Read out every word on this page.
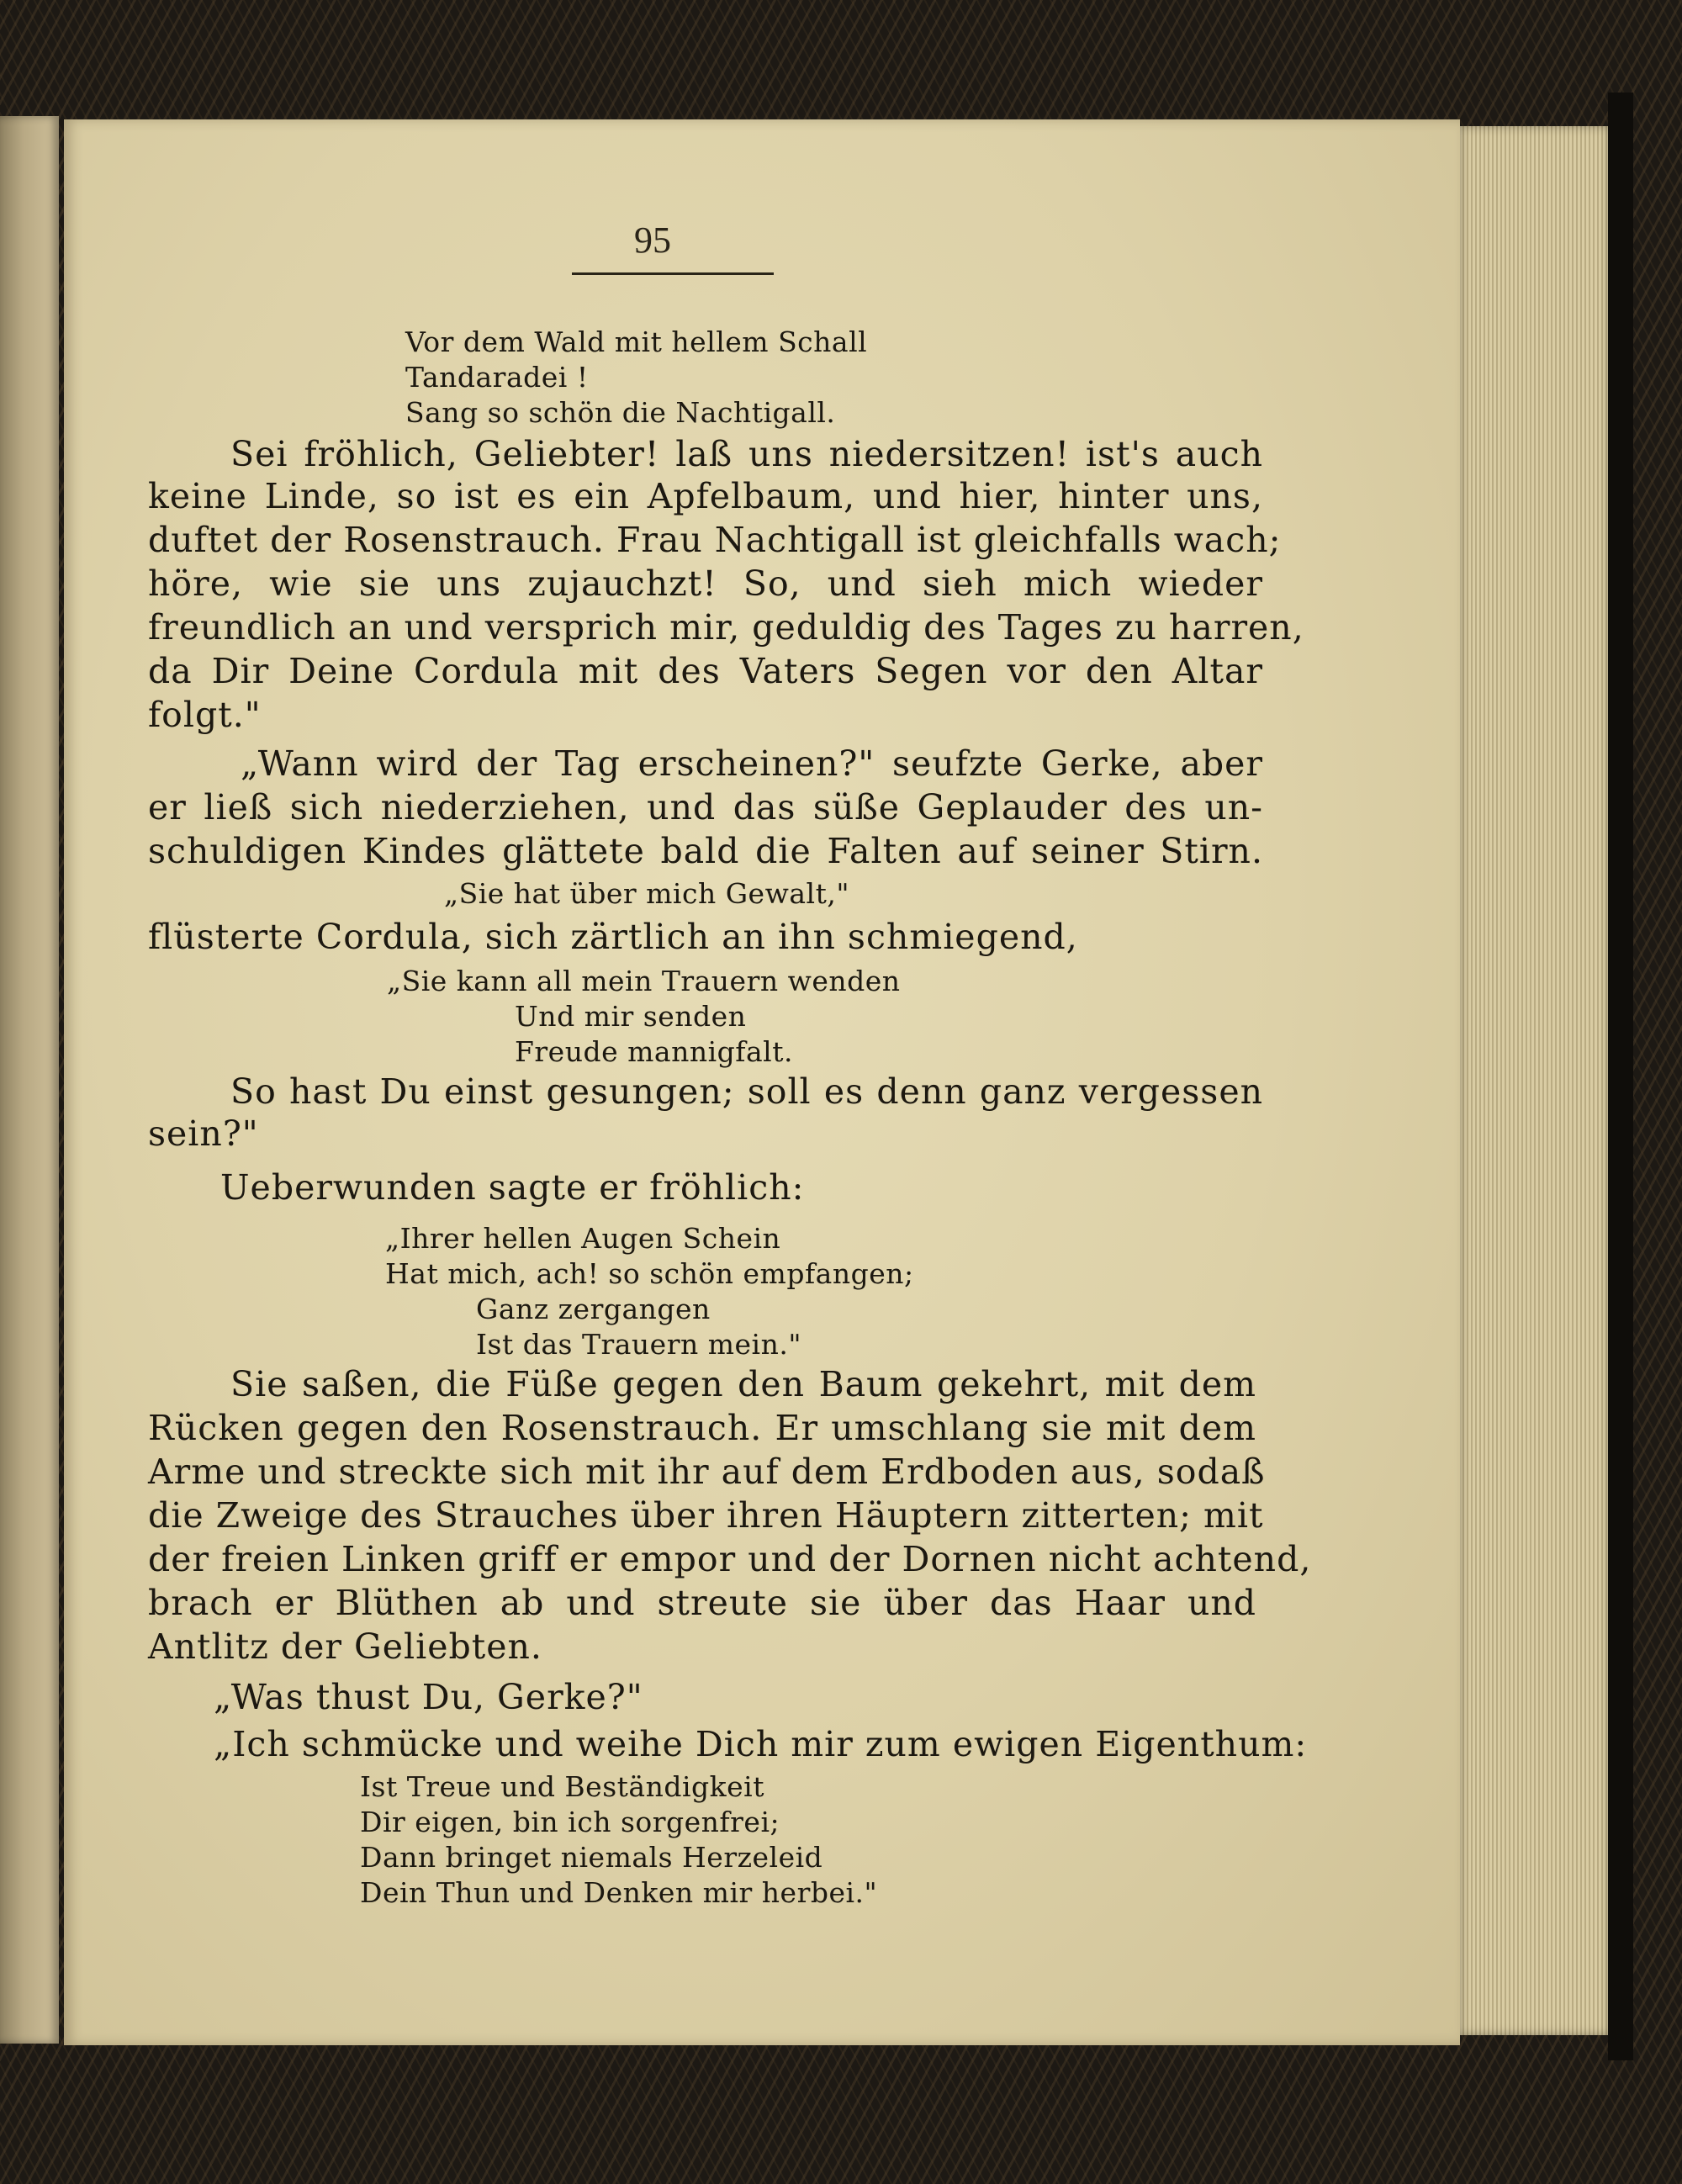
95
Vor dem Wald mit hellem Schall
Tandaradei !
Sang so schön die Nachtigall.
Sei fröhlich, Geliebter! laß uns niedersitzen! ist's auch
keine Linde, so ist es ein Apfelbaum, und hier, hinter uns,
duftet der Rosenstrauch. Frau Nachtigall ist gleichfalls wach;
höre, wie sie uns zujauchzt! So, und sieh mich wieder
freundlich an und versprich mir, geduldig des Tages zu harren,
da Dir Deine Cordula mit des Vaters Segen vor den Altar
folgt."
„Wann wird der Tag erscheinen?" seufzte Gerke, aber
er ließ sich niederziehen, und das süße Geplauder des un-
schuldigen Kindes glättete bald die Falten auf seiner Stirn.
„Sie hat über mich Gewalt,"
flüsterte Cordula, sich zärtlich an ihn schmiegend,
„Sie kann all mein Trauern wenden
Und mir senden
Freude mannigfalt.
So hast Du einst gesungen; soll es denn ganz vergessen
sein?"
Ueberwunden sagte er fröhlich:
„Ihrer hellen Augen Schein
Hat mich, ach! so schön empfangen;
Ganz zergangen
Ist das Trauern mein."
Sie saßen, die Füße gegen den Baum gekehrt, mit dem
Rücken gegen den Rosenstrauch. Er umschlang sie mit dem
Arme und streckte sich mit ihr auf dem Erdboden aus, sodaß
die Zweige des Strauches über ihren Häuptern zitterten; mit
der freien Linken griff er empor und der Dornen nicht achtend,
brach er Blüthen ab und streute sie über das Haar und
Antlitz der Geliebten.
„Was thust Du, Gerke?"
„Ich schmücke und weihe Dich mir zum ewigen Eigenthum:
Ist Treue und Beständigkeit
Dir eigen, bin ich sorgenfrei;
Dann bringet niemals Herzeleid
Dein Thun und Denken mir herbei."
